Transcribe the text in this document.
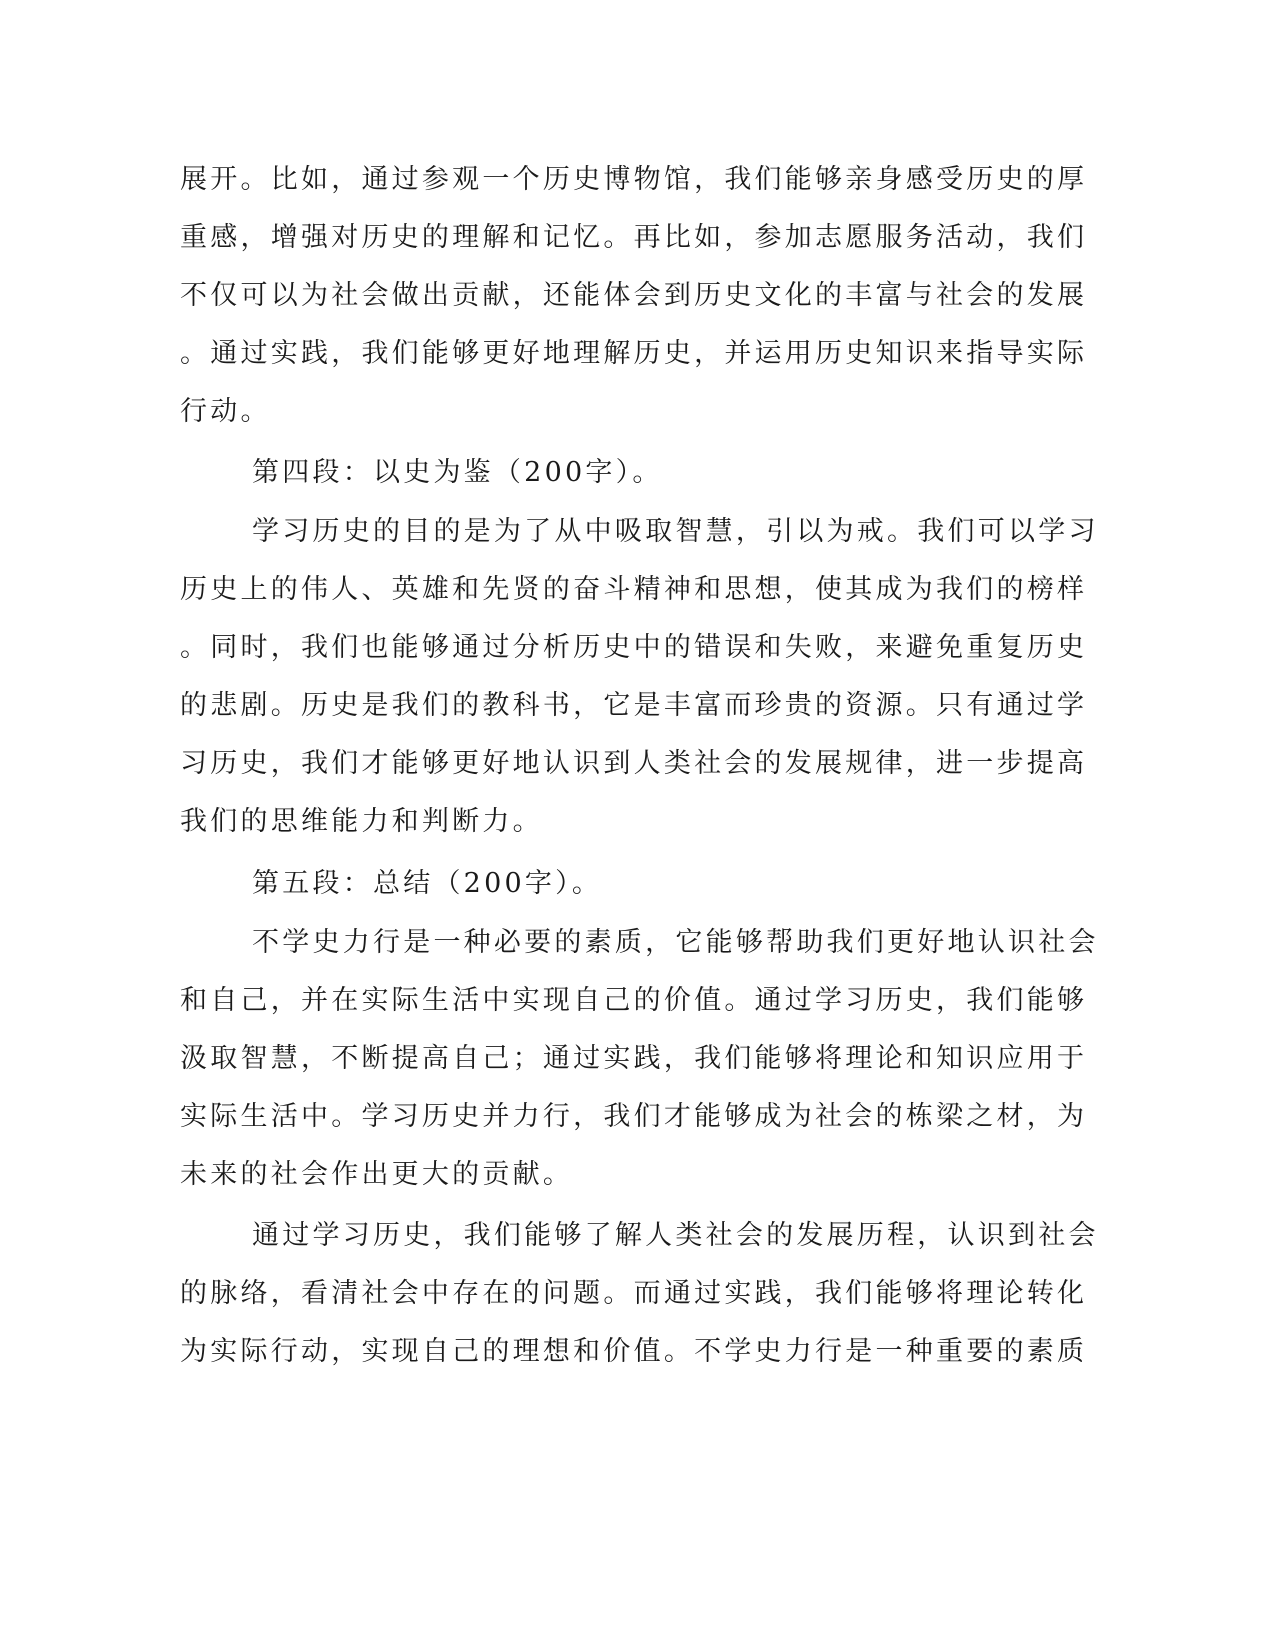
展开。比如，通过参观一个历史博物馆，我们能够亲身感受历史的厚
重感，增强对历史的理解和记忆。再比如，参加志愿服务活动，我们
不仅可以为社会做出贡献，还能体会到历史文化的丰富与社会的发展
。通过实践，我们能够更好地理解历史，并运用历史知识来指导实际
行动。
第四段：以史为鉴（200字）。
学习历史的目的是为了从中吸取智慧，引以为戒。我们可以学习
历史上的伟人、英雄和先贤的奋斗精神和思想，使其成为我们的榜样
。同时，我们也能够通过分析历史中的错误和失败，来避免重复历史
的悲剧。历史是我们的教科书，它是丰富而珍贵的资源。只有通过学
习历史，我们才能够更好地认识到人类社会的发展规律，进一步提高
我们的思维能力和判断力。
第五段：总结（200字）。
不学史力行是一种必要的素质，它能够帮助我们更好地认识社会
和自己，并在实际生活中实现自己的价值。通过学习历史，我们能够
汲取智慧，不断提高自己；通过实践，我们能够将理论和知识应用于
实际生活中。学习历史并力行，我们才能够成为社会的栋梁之材，为
未来的社会作出更大的贡献。
通过学习历史，我们能够了解人类社会的发展历程，认识到社会
的脉络，看清社会中存在的问题。而通过实践，我们能够将理论转化
为实际行动，实现自己的理想和价值。不学史力行是一种重要的素质
